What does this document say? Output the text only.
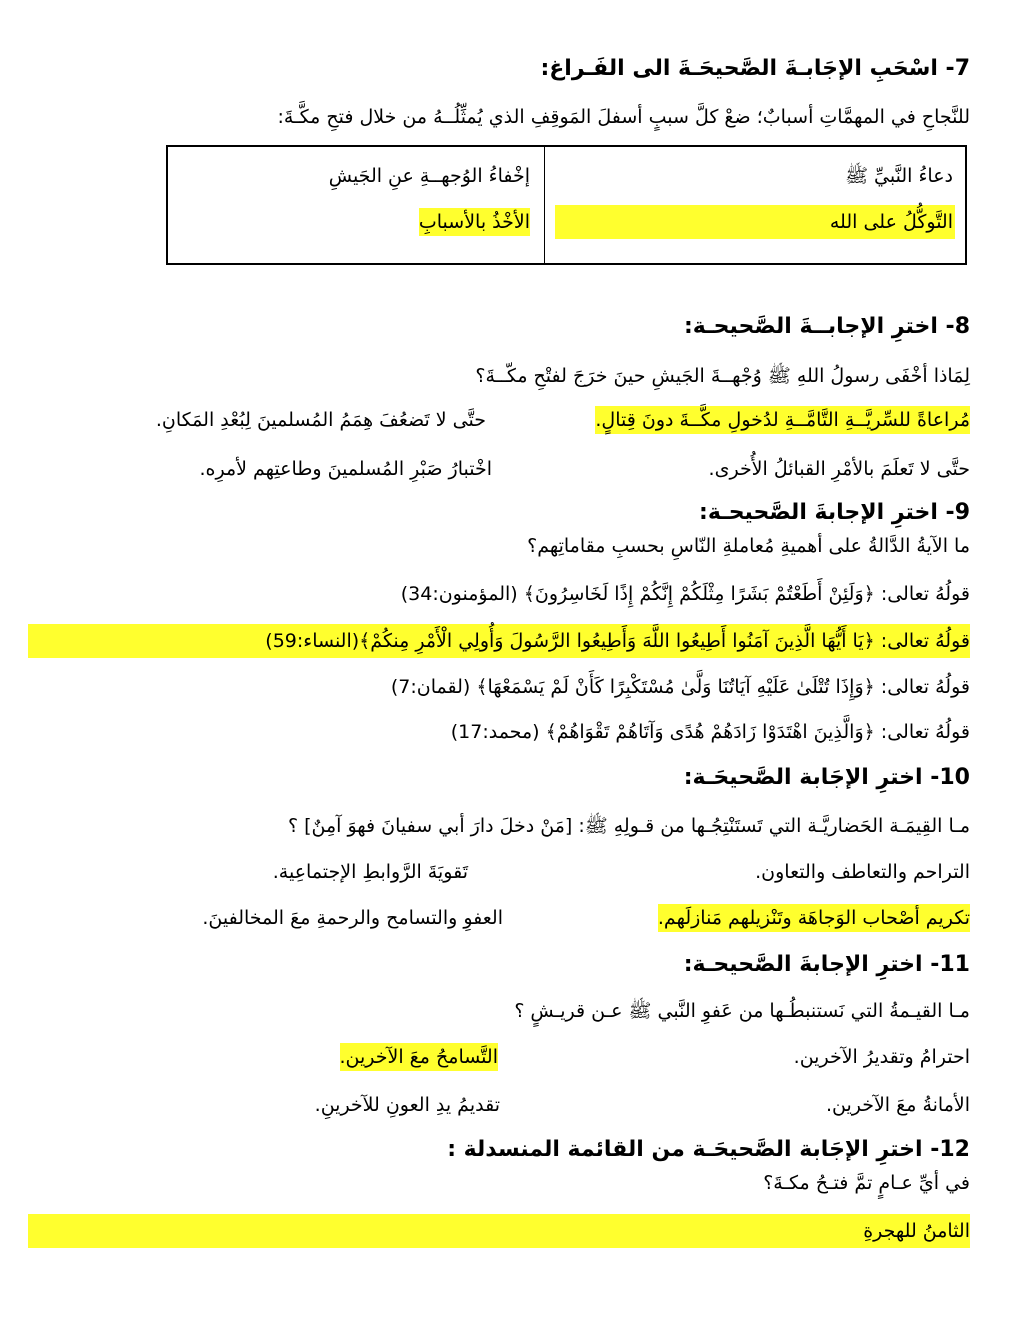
7- اسْحَبِ الإجَابـةَ الصَّحيحَـةَ الى الفَـراغ:
للنَّجاحِ في المهمَّاتِ أسبابٌ؛ ضعْ كلَّ سببٍ أسفلَ المَوقِفِ الذي يُمثِّلُــهُ من خلال فتحِ مكَّـةَ:
دعاءُ النَّبيِّ ﷺ
التَّوكُّلُ على الله
إخْفاءُ الوُجهــةِ عنِ الجَيشِ
الأخْذُ بالأسبابِ
8- اخترِ الإجابــةَ الصَّحيحـة:
لِمَاذا أخْفَى رسولُ اللهِ ﷺ وُجْهــةَ الجَيشِ حينَ خرَجَ لفتْحِ مكّــةَ؟
مُراعاةً للسِّريَّــةِ التَّامَّــةِ لدُخولِ مكَّــةَ دونَ قِتالٍ.
حتَّى لا تَضعُفَ هِمَمُ المُسلمينَ لِبُعْدِ المَكانِ.
حتَّى لا تَعلَمَ بالأمْرِ القبائلُ الأُخرى.
اخْتبارُ صَبْرِ المُسلمينَ وطاعتِهم لأمرِه.
9- اخترِ الإجابةَ الصَّحيحـة:
ما الآيةُ الدَّالةُ على أهميةِ مُعاملةِ النّاسِ بحسبِ مقاماتِهم؟
قولُهُ تعالى: ﴿وَلَئِنْ أَطَعْتُمْ بَشَرًا مِثْلَكُمْ إِنَّكُمْ إِذًا لَخَاسِرُونَ﴾ (المؤمنون:34)
قولُهُ تعالى: ﴿يَا أَيُّهَا الَّذِينَ آمَنُوا أَطِيعُوا اللَّهَ وَأَطِيعُوا الرَّسُولَ وَأُولِي الْأَمْرِ مِنكُمْ﴾(النساء:59)
قولُهُ تعالى: ﴿وَإِذَا تُتْلَىٰ عَلَيْهِ آيَاتُنَا وَلَّىٰ مُسْتَكْبِرًا كَأَنْ لَمْ يَسْمَعْهَا﴾ (لقمان:7)
قولُهُ تعالى: ﴿وَالَّذِينَ اهْتَدَوْا زَادَهُمْ هُدًى وَآتَاهُمْ تَقْوَاهُمْ﴾ (محمد:17)
10- اخترِ الإجَابة الصَّحيحَـة:
مـا القِيمَـة الحَضاريَّـة التي تَستَنْتِجُـها من قـولِهِ ﷺ: [مَنْ دخلَ دارَ أبي سفيانَ فهوَ آمِنٌ] ؟
التراحم والتعاطف والتعاون.
تَقويَةَ الرَّوابطِ الإجتماعِية.
تكريم أصْحاب الوَجاهَة وتَنْزيلهم مَنازلَهم.
العفوِ والتسامح والرحمةِ معَ المخالفينَ.
11- اخترِ الإجابةَ الصَّحيحـة:
مـا القيـمةُ التي نَستنبطُـها من عَفوِ النَّبي ﷺ عـن قريـشٍ ؟
احترامُ وتقديرُ الآخرين.
التَّسامحُ معَ الآخرين.
الأمانةُ معَ الآخرين.
تقديمُ يدِ العونِ للآخرينِ.
12- اخترِ الإجَابة الصَّحيحَـة من القائمة المنسدلة :
في أيِّ عـامٍ تمَّ فتـحُ مكـةَ؟
الثامنُ للهجرةِ
